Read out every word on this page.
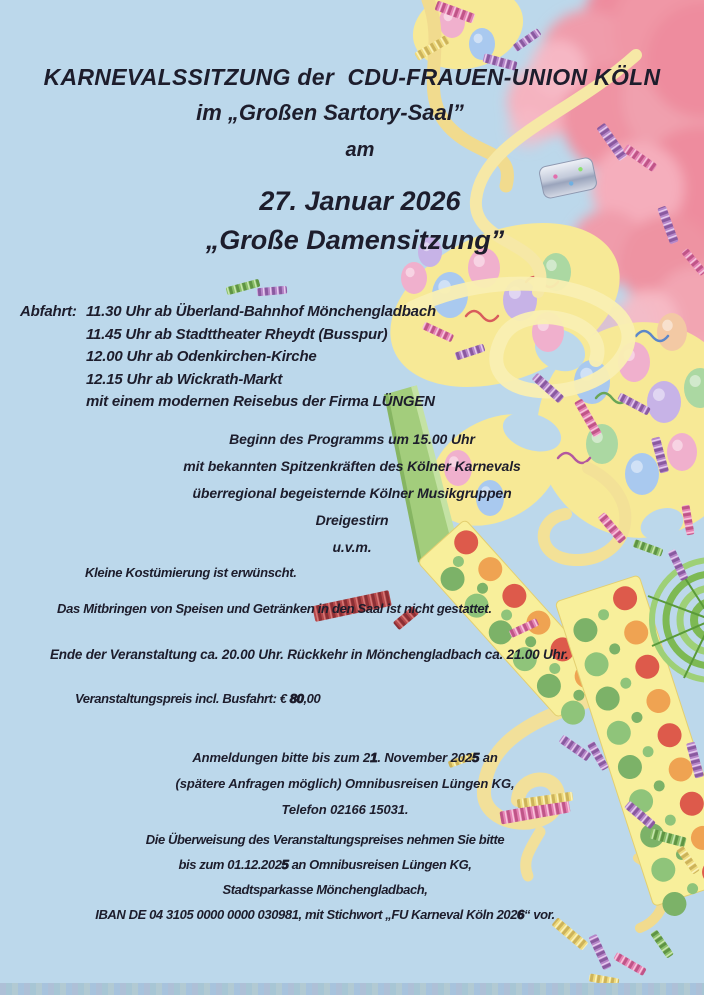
KARNEVALSSITZUNG der  CDU-FRAUEN-UNION KÖLN
im „Großen Sartory-Saal”
am
27. Januar 2026
„Große Damensitzung”
Abfahrt: 11.30 Uhr ab Überland-Bahnhof Mönchengladbach
11.45 Uhr ab Stadttheater Rheydt (Busspur)
12.00 Uhr ab Odenkirchen-Kirche
12.15 Uhr ab Wickrath-Markt
mit einem modernen Reisebus der Firma LÜNGEN
Beginn des Programms um 15.00 Uhr
mit bekannten Spitzenkräften des Kölner Karnevals
überregional begeisternde Kölner Musikgruppen
Dreigestirn
u.v.m.
Kleine Kostümierung ist erwünscht.
Das Mitbringen von Speisen und Getränken in den Saal ist nicht gestattet.
Ende der Veranstaltung ca. 20.00 Uhr. Rückkehr in Mönchengladbach ca. 21.00 Uhr.
Veranstaltungspreis incl. Busfahrt: € 80,00
Anmeldungen bitte bis zum 21. November 2025 an
(spätere Anfragen möglich) Omnibusreisen Lüngen KG,
Telefon 02166 15031.
Die Überweisung des Veranstaltungspreises nehmen Sie bitte
bis zum 01.12.2025 an Omnibusreisen Lüngen KG,
Stadtsparkasse Mönchengladbach,
IBAN DE 04 3105 0000 0000 030981, mit Stichwort „FU Karneval Köln 2026“ vor.
